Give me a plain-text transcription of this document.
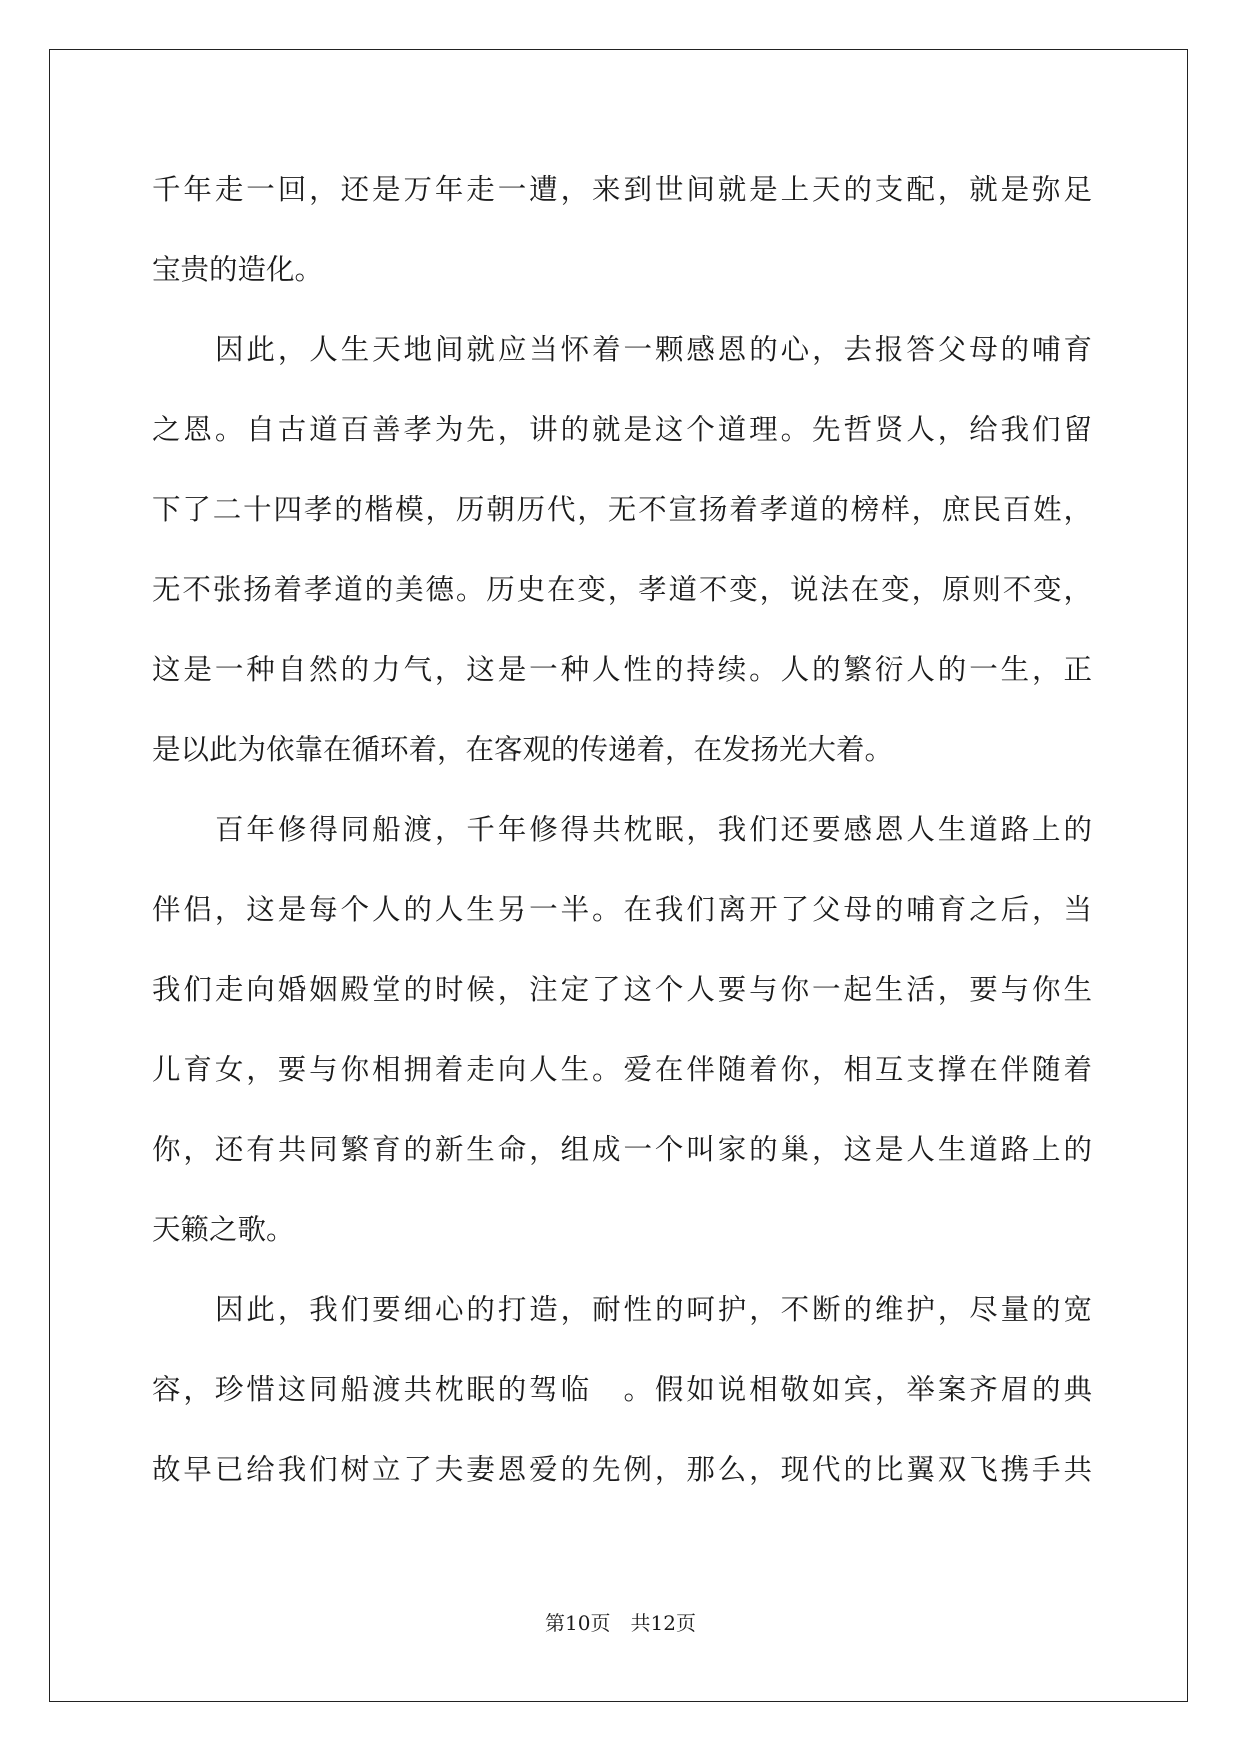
千年走一回，还是万年走一遭，来到世间就是上天的支配，就是弥足
宝贵的造化。
因此，人生天地间就应当怀着一颗感恩的心，去报答父母的哺育
之恩。自古道百善孝为先，讲的就是这个道理。先哲贤人，给我们留
下了二十四孝的楷模，历朝历代，无不宣扬着孝道的榜样，庶民百姓，
无不张扬着孝道的美德。历史在变，孝道不变，说法在变，原则不变，
这是一种自然的力气，这是一种人性的持续。人的繁衍人的一生，正
是以此为依靠在循环着，在客观的传递着，在发扬光大着。
百年修得同船渡，千年修得共枕眠，我们还要感恩人生道路上的
伴侣，这是每个人的人生另一半。在我们离开了父母的哺育之后，当
我们走向婚姻殿堂的时候，注定了这个人要与你一起生活，要与你生
儿育女，要与你相拥着走向人生。爱在伴随着你，相互支撑在伴随着
你，还有共同繁育的新生命，组成一个叫家的巢，这是人生道路上的
天籁之歌。
因此，我们要细心的打造，耐性的呵护，不断的维护，尽量的宽
容，珍惜这同船渡共枕眠的驾临　。假如说相敬如宾，举案齐眉的典
故早已给我们树立了夫妻恩爱的先例，那么，现代的比翼双飞携手共
第10页　共12页
